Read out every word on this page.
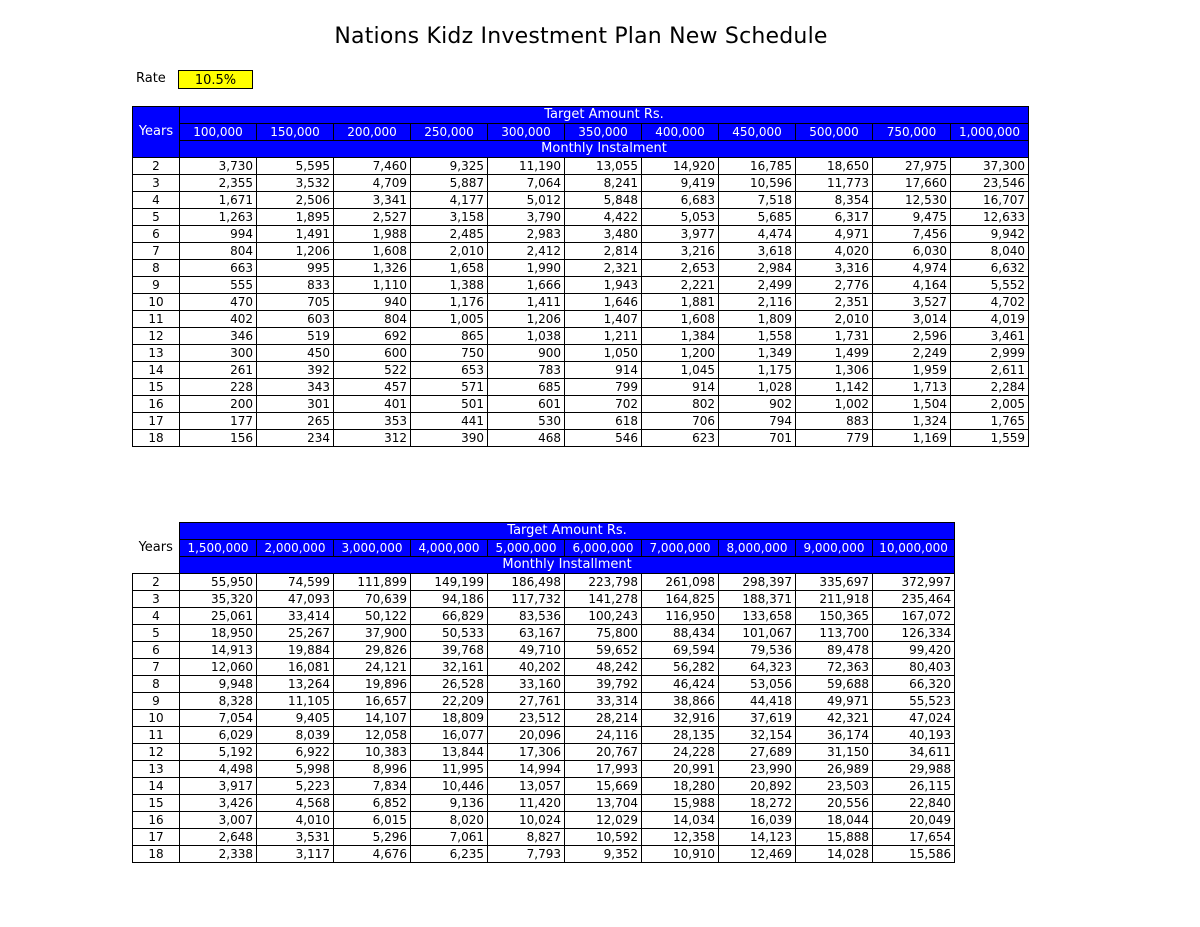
Nations Kidz Investment Plan New Schedule
Rate	10.5%
	Target Amount Rs.										
Years	100,000	150,000	200,000	250,000	300,000	350,000	400,000	450,000	500,000	750,000	1,000,000
	Monthly Instalment										
2	3,730	5,595	7,460	9,325	11,190	13,055	14,920	16,785	18,650	27,975	37,300
3	2,355	3,532	4,709	5,887	7,064	8,241	9,419	10,596	11,773	17,660	23,546
4	1,671	2,506	3,341	4,177	5,012	5,848	6,683	7,518	8,354	12,530	16,707
5	1,263	1,895	2,527	3,158	3,790	4,422	5,053	5,685	6,317	9,475	12,633
6	994	1,491	1,988	2,485	2,983	3,480	3,977	4,474	4,971	7,456	9,942
7	804	1,206	1,608	2,010	2,412	2,814	3,216	3,618	4,020	6,030	8,040
8	663	995	1,326	1,658	1,990	2,321	2,653	2,984	3,316	4,974	6,632
9	555	833	1,110	1,388	1,666	1,943	2,221	2,499	2,776	4,164	5,552
10	470	705	940	1,176	1,411	1,646	1,881	2,116	2,351	3,527	4,702
11	402	603	804	1,005	1,206	1,407	1,608	1,809	2,010	3,014	4,019
12	346	519	692	865	1,038	1,211	1,384	1,558	1,731	2,596	3,461
13	300	450	600	750	900	1,050	1,200	1,349	1,499	2,249	2,999
14	261	392	522	653	783	914	1,045	1,175	1,306	1,959	2,611
15	228	343	457	571	685	799	914	1,028	1,142	1,713	2,284
16	200	301	401	501	601	702	802	902	1,002	1,504	2,005
17	177	265	353	441	530	618	706	794	883	1,324	1,765
18	156	234	312	390	468	546	623	701	779	1,169	1,559
	Target Amount Rs.									
Years	1,500,000	2,000,000	3,000,000	4,000,000	5,000,000	6,000,000	7,000,000	8,000,000	9,000,000	10,000,000
	Monthly Installment									
2	55,950	74,599	111,899	149,199	186,498	223,798	261,098	298,397	335,697	372,997
3	35,320	47,093	70,639	94,186	117,732	141,278	164,825	188,371	211,918	235,464
4	25,061	33,414	50,122	66,829	83,536	100,243	116,950	133,658	150,365	167,072
5	18,950	25,267	37,900	50,533	63,167	75,800	88,434	101,067	113,700	126,334
6	14,913	19,884	29,826	39,768	49,710	59,652	69,594	79,536	89,478	99,420
7	12,060	16,081	24,121	32,161	40,202	48,242	56,282	64,323	72,363	80,403
8	9,948	13,264	19,896	26,528	33,160	39,792	46,424	53,056	59,688	66,320
9	8,328	11,105	16,657	22,209	27,761	33,314	38,866	44,418	49,971	55,523
10	7,054	9,405	14,107	18,809	23,512	28,214	32,916	37,619	42,321	47,024
11	6,029	8,039	12,058	16,077	20,096	24,116	28,135	32,154	36,174	40,193
12	5,192	6,922	10,383	13,844	17,306	20,767	24,228	27,689	31,150	34,611
13	4,498	5,998	8,996	11,995	14,994	17,993	20,991	23,990	26,989	29,988
14	3,917	5,223	7,834	10,446	13,057	15,669	18,280	20,892	23,503	26,115
15	3,426	4,568	6,852	9,136	11,420	13,704	15,988	18,272	20,556	22,840
16	3,007	4,010	6,015	8,020	10,024	12,029	14,034	16,039	18,044	20,049
17	2,648	3,531	5,296	7,061	8,827	10,592	12,358	14,123	15,888	17,654
18	2,338	3,117	4,676	6,235	7,793	9,352	10,910	12,469	14,028	15,586
